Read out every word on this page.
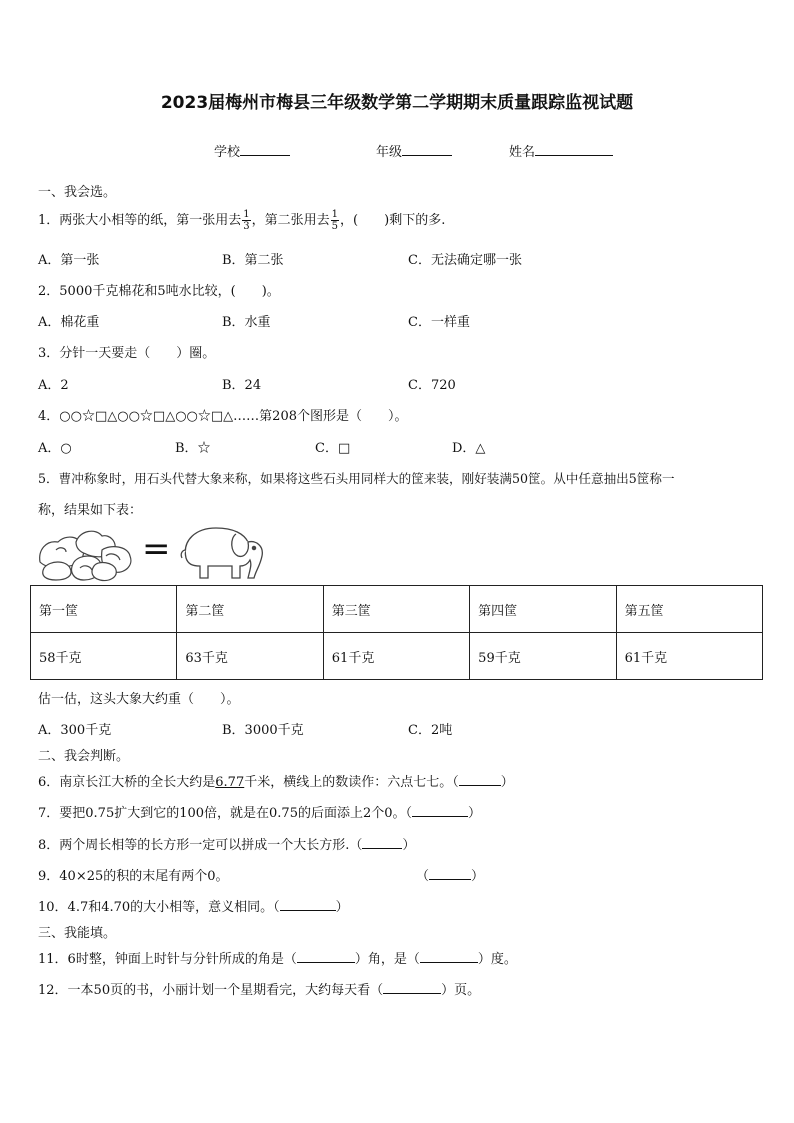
2023届梅州市梅县三年级数学第二学期期末质量跟踪监视试题
学校	年级	姓名
一、我会选。
1．两张大小相等的纸，第一张用去 $\frac{1}{3}$ ，第二张用去 $\frac{1}{5}$ ，(　　)剩下的多.
A．第一张	B．第二张	C．无法确定哪一张
2．5000千克棉花和5吨水比较，(　　)。
A．棉花重	B．水重	C．一样重
3．分针一天要走（　　）圈。
A．2	B．24	C．720
4．○○☆□△○○☆□△○○☆□△……第208个图形是（　　）。
A．○	B．☆	C．□	D．△
5．曹冲称象时，用石头代替大象来称，如果将这些石头用同样大的筐来装，刚好装满50筐。从中任意抽出5筐称一
称，结果如下表：
=
第一筐	第二筐	第三筐	第四筐	第五筐
58千克	63千克	61千克	59千克	61千克
估一估，这头大象大约重（　　）。
A．300千克	B．3000千克	C．2吨
二、我会判断。
6．南京长江大桥的全长大约是6.77千米，横线上的数读作：六点七七。（	）
7．要把0.75扩大到它的100倍，就是在0.75的后面添上2个0。（	）
8．两个周长相等的长方形一定可以拼成一个大长方形.（	）
9．40×25的积的末尾有两个0。	（	）
10．4.7和4.70的大小相等，意义相同。（	）
三、我能填。
11．6时整，钟面上时针与分针所成的角是（	）角，是（	）度。
12．一本50页的书，小丽计划一个星期看完，大约每天看（	）页。
